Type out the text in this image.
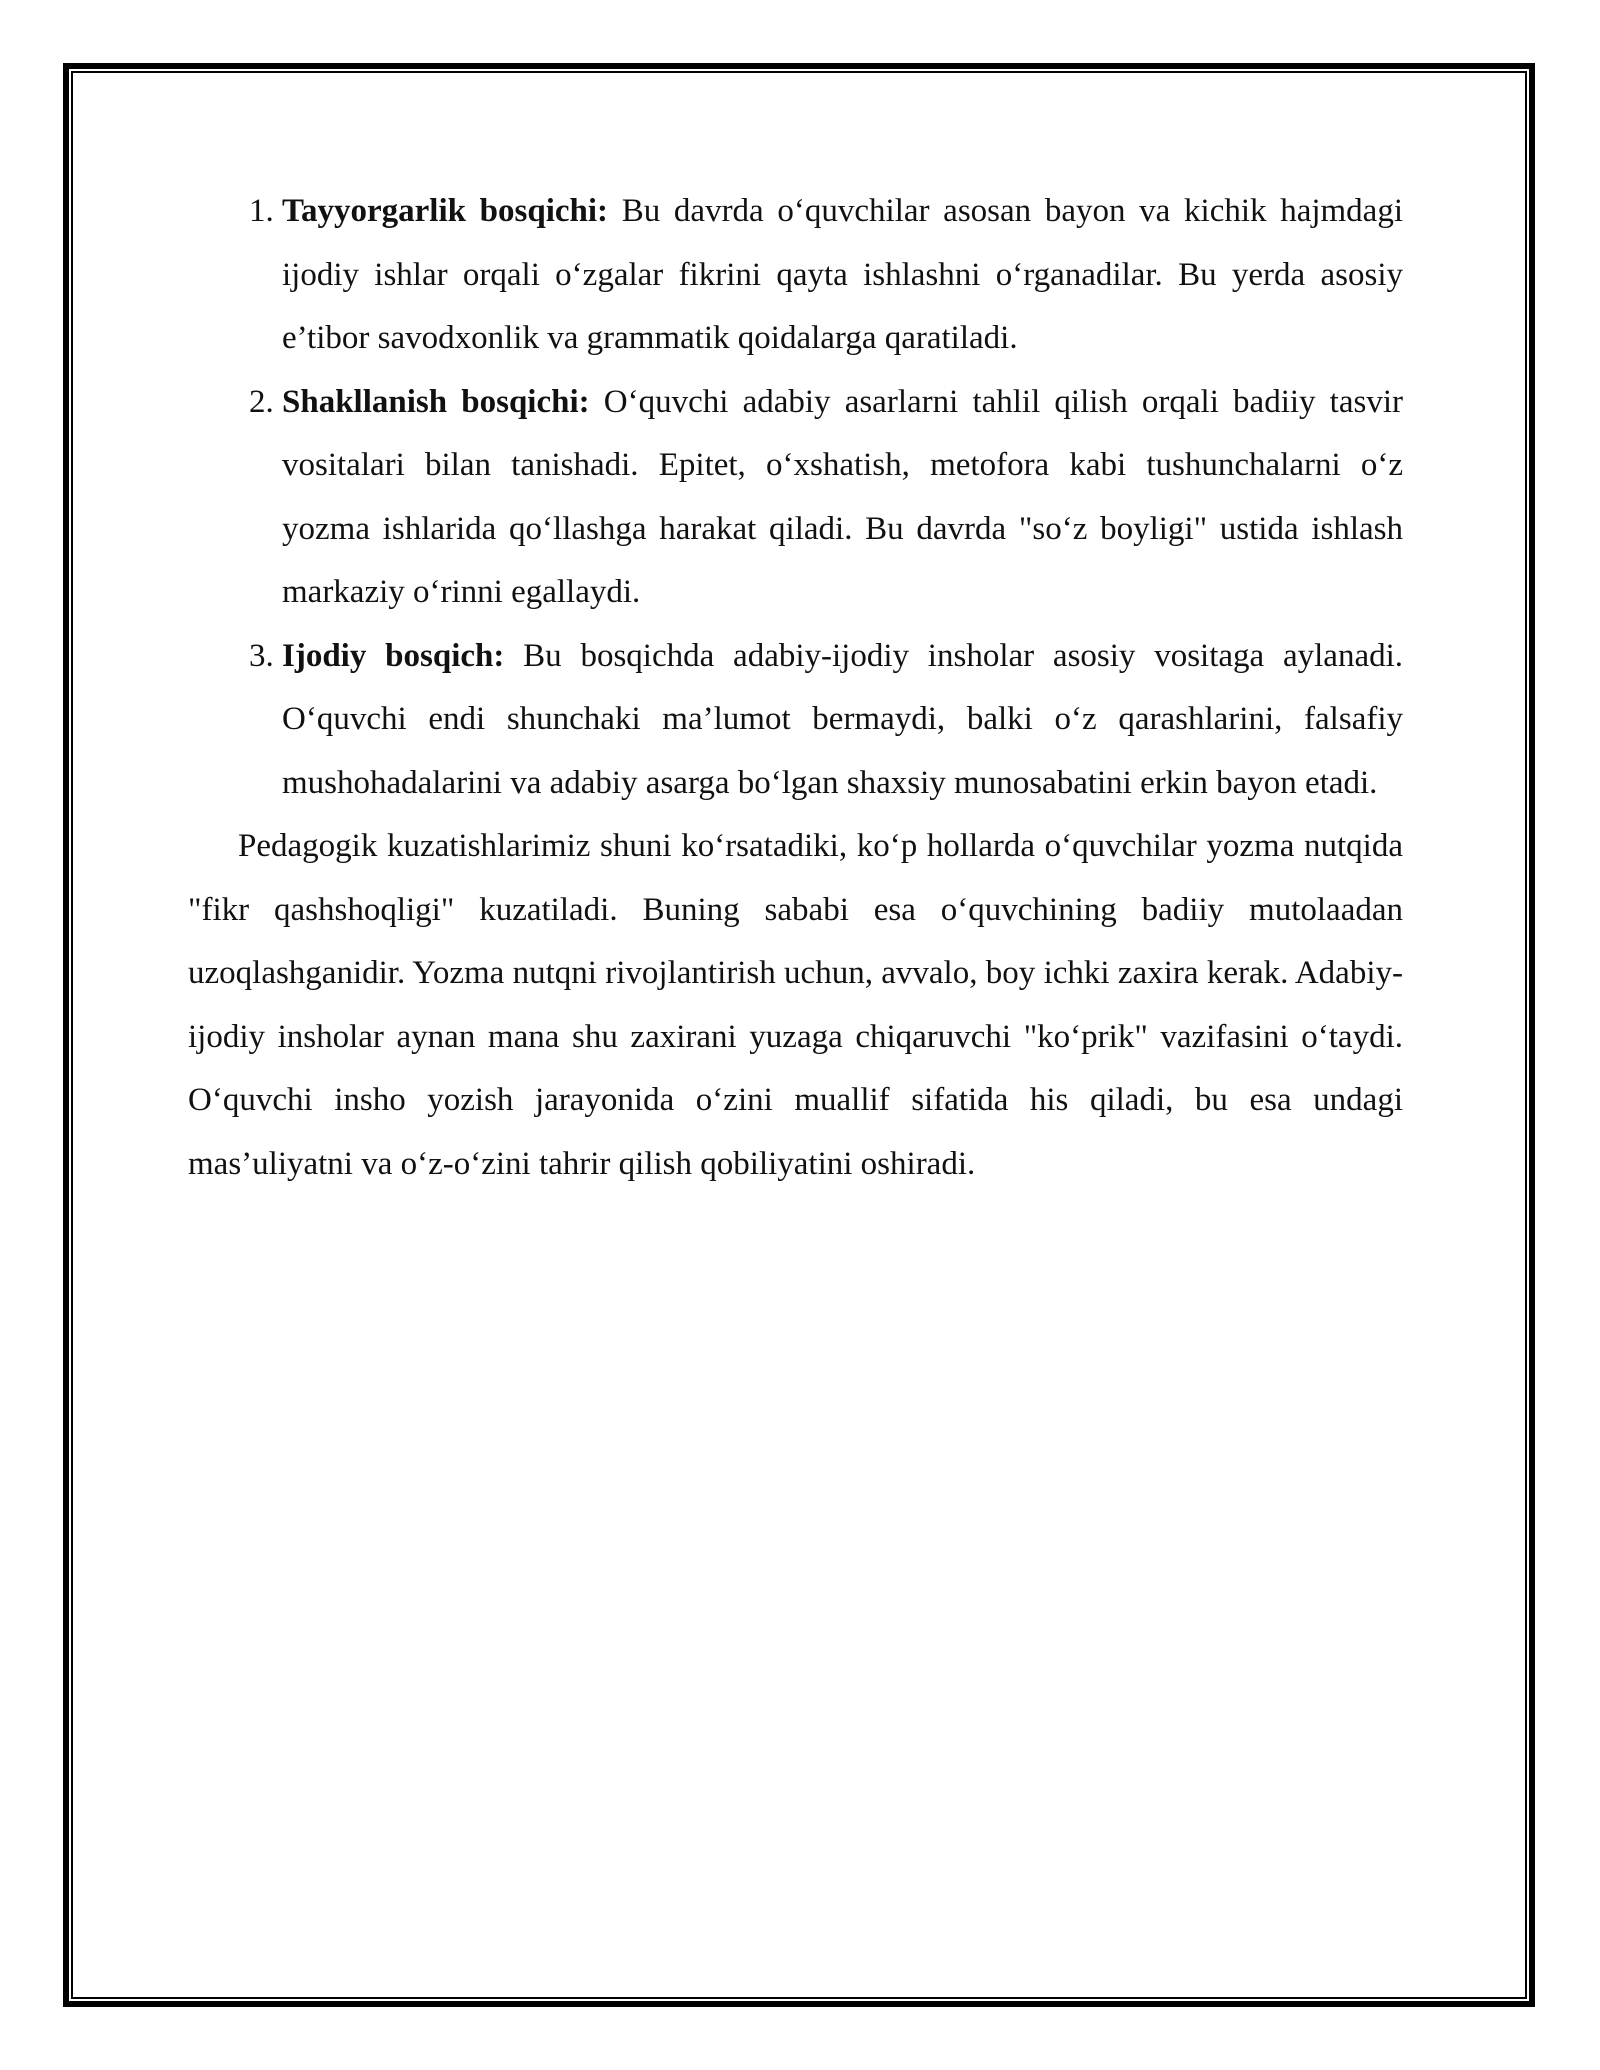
1. Tayyorgarlik bosqichi: Bu davrda o‘quvchilar asosan bayon va kichik hajmdagi ijodiy ishlar orqali o‘zgalar fikrini qayta ishlashni o‘rganadilar. Bu yerda asosiy e’tibor savodxonlik va grammatik qoidalarga qaratiladi.
2. Shakllanish bosqichi: O‘quvchi adabiy asarlarni tahlil qilish orqali badiiy tasvir vositalari bilan tanishadi. Epitet, o‘xshatish, metofora kabi tushunchalarni o‘z yozma ishlarida qo‘llashga harakat qiladi. Bu davrda "so‘z boyligi" ustida ishlash markaziy o‘rinni egallaydi.
3. Ijodiy bosqich: Bu bosqichda adabiy-ijodiy insholar asosiy vositaga aylanadi. O‘quvchi endi shunchaki ma’lumot bermaydi, balki o‘z qarashlarini, falsafiy mushohadalarini va adabiy asarga bo‘lgan shaxsiy munosabatini erkin bayon etadi.

Pedagogik kuzatishlarimiz shuni ko‘rsatadiki, ko‘p hollarda o‘quvchilar yozma nutqida "fikr qashshoqligi" kuzatiladi. Buning sababi esa o‘quvchining badiiy mutolaadan uzoqlashganidir. Yozma nutqni rivojlantirish uchun, avvalo, boy ichki zaxira kerak. Adabiy-ijodiy insholar aynan mana shu zaxirani yuzaga chiqaruvchi "ko‘prik" vazifasini o‘taydi. O‘quvchi insho yozish jarayonida o‘zini muallif sifatida his qiladi, bu esa undagi mas’uliyatni va o‘z-o‘zini tahrir qilish qobiliyatini oshiradi.
